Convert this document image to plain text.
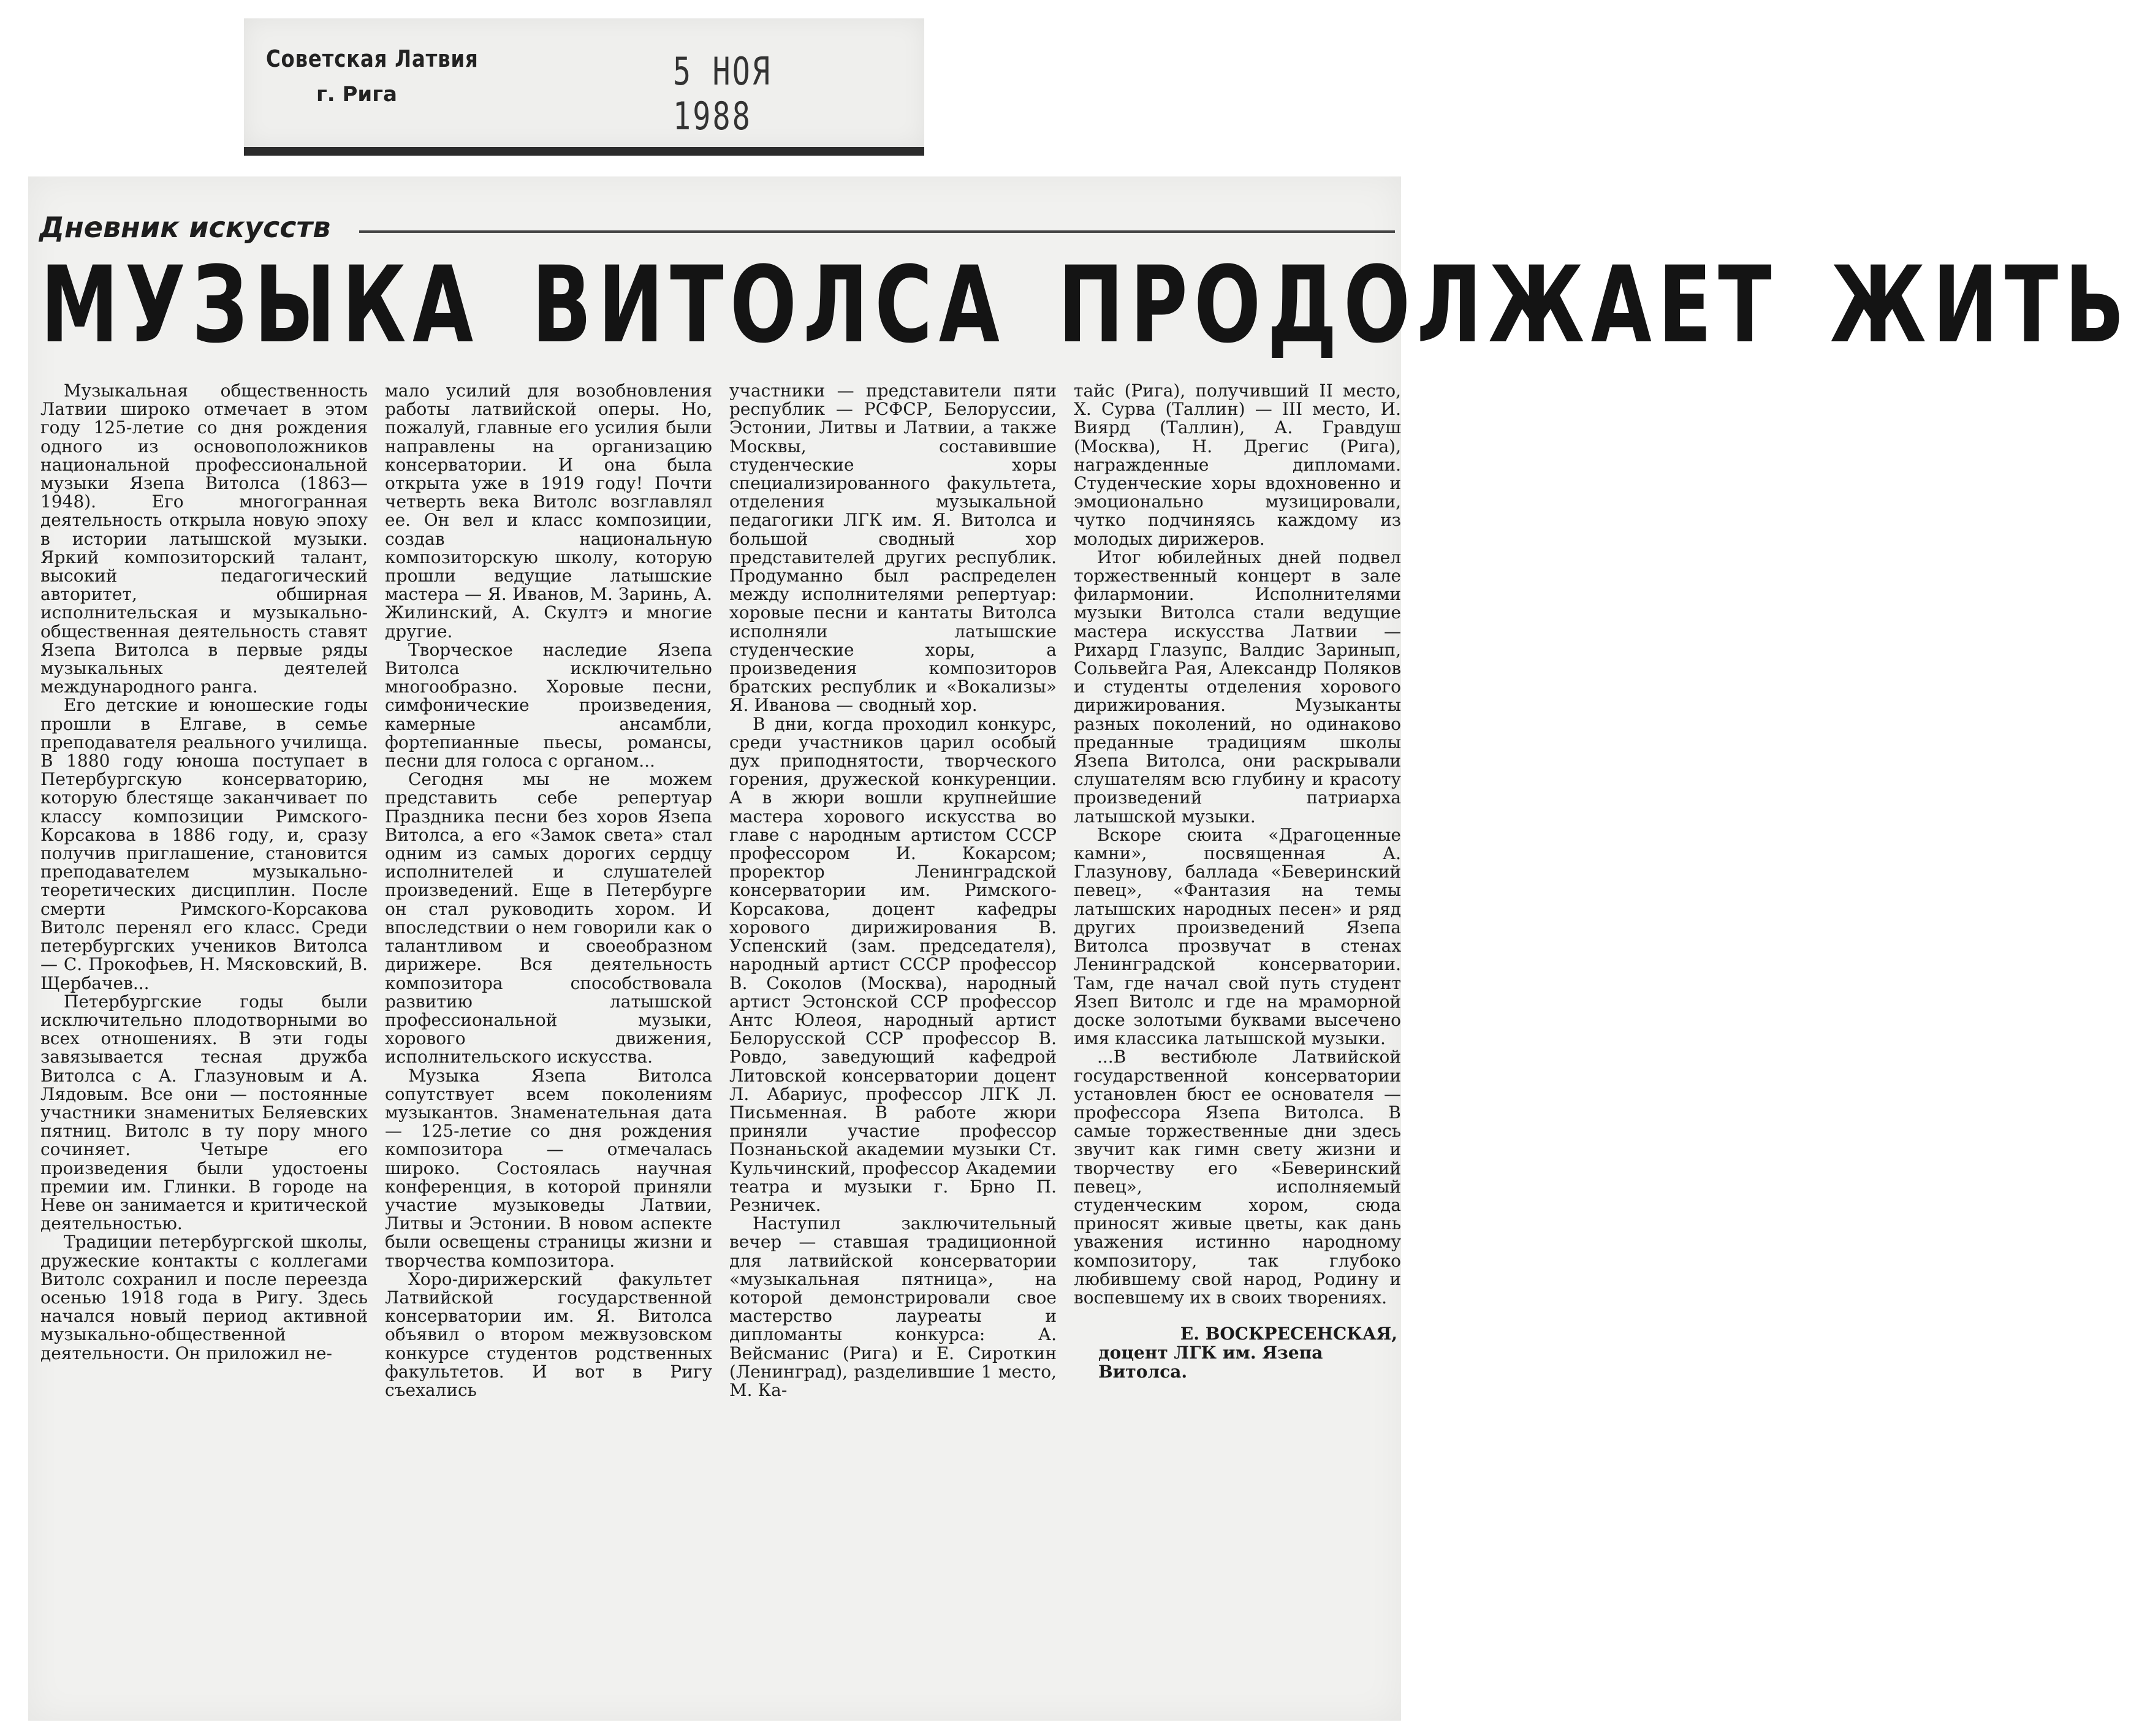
Советская Латвия
г. Рига
5 НОЯ 1988
Дневник искусств
МУЗЫКА ВИТОЛСА ПРОДОЛЖАЕТ ЖИТЬ

Музыкальная общественность Латвии широко отмечает в этом году 125-летие со дня рождения одного из основоположников национальной профессиональной музыки Язепа Витолса (1863—1948). Его многогранная деятельность открыла новую эпоху в истории латышской музыки. Яркий композиторский талант, высокий педагогический авторитет, обширная исполнительская и музыкально-общественная деятельность ставят Язепа Витолса в первые ряды музыкальных деятелей международного ранга.

Его детские и юношеские годы прошли в Елгаве, в семье преподавателя реального училища. В 1880 году юноша поступает в Петербургскую консерваторию, которую блестяще заканчивает по классу композиции Римского-Корсакова в 1886 году, и, сразу получив приглашение, становится преподавателем музыкально-теоретических дисциплин. После смерти Римского-Корсакова Витолс перенял его класс. Среди петербургских учеников Витолса — С. Прокофьев, Н. Мясковский, В. Щербачев...

Петербургские годы были исключительно плодотворными во всех отношениях. В эти годы завязывается тесная дружба Витолса с А. Глазуновым и А. Лядовым. Все они — постоянные участники знаменитых Беляевских пятниц. Витолс в ту пору много сочиняет. Четыре его произведения были удостоены премии им. Глинки. В городе на Неве он занимается и критической деятельностью.

Традиции петербургской школы, дружеские контакты с коллегами Витолс сохранил и после переезда осенью 1918 года в Ригу. Здесь начался новый период активной музыкально-общественной деятельности. Он приложил не-

мало усилий для возобновления работы латвийской оперы. Но, пожалуй, главные его усилия были направлены на организацию консерватории. И она была открыта уже в 1919 году! Почти четверть века Витолс возглавлял ее. Он вел и класс композиции, создав национальную композиторскую школу, которую прошли ведущие латышские мастера — Я. Иванов, М. Заринь, А. Жилинский, А. Скултэ и многие другие.

Творческое наследие Язепа Витолса исключительно многообразно. Хоровые песни, симфонические произведения, камерные ансамбли, фортепианные пьесы, романсы, песни для голоса с органом...

Сегодня мы не можем представить себе репертуар Праздника песни без хоров Язепа Витолса, а его «Замок света» стал одним из самых дорогих сердцу исполнителей и слушателей произведений. Еще в Петербурге он стал руководить хором. И впоследствии о нем говорили как о талантливом и своеобразном дирижере. Вся деятельность композитора способствовала развитию латышской профессиональной музыки, хорового движения, исполнительского искусства.

Музыка Язепа Витолса сопутствует всем поколениям музыкантов. Знаменательная дата — 125-летие со дня рождения композитора — отмечалась широко. Состоялась научная конференция, в которой приняли участие музыковеды Латвии, Литвы и Эстонии. В новом аспекте были освещены страницы жизни и творчества композитора.

Хоро-дирижерский факультет Латвийской государственной консерватории им. Я. Витолса объявил о втором межвузовском конкурсе студентов родственных факультетов. И вот в Ригу съехались

участники — представители пяти республик — РСФСР, Белоруссии, Эстонии, Литвы и Латвии, а также Москвы, составившие студенческие хоры специализированного факультета, отделения музыкальной педагогики ЛГК им. Я. Витолса и большой сводный хор представителей других республик. Продуманно был распределен между исполнителями репертуар: хоровые песни и кантаты Витолса исполняли латышские студенческие хоры, а произведения композиторов братских республик и «Вокализы» Я. Иванова — сводный хор.

В дни, когда проходил конкурс, среди участников царил особый дух приподнятости, творческого горения, дружеской конкуренции. А в жюри вошли крупнейшие мастера хорового искусства во главе с народным артистом СССР профессором И. Кокарсом; проректор Ленинградской консерватории им. Римского-Корсакова, доцент кафедры хорового дирижирования В. Успенский (зам. председателя), народный артист СССР профессор В. Соколов (Москва), народный артист Эстонской ССР профессор Антс Юлеоя, народный артист Белорусской ССР профессор В. Ровдо, заведующий кафедрой Литовской консерватории доцент Л. Абариус, профессор ЛГК Л. Письменная. В работе жюри приняли участие профессор Познаньской академии музыки Ст. Кульчинский, профессор Академии театра и музыки г. Брно П. Резничек.

Наступил заключительный вечер — ставшая традиционной для латвийской консерватории «музыкальная пятница», на которой демонстрировали свое мастерство лауреаты и дипломанты конкурса: А. Вейсманис (Рига) и Е. Сироткин (Ленинград), разделившие 1 место, М. Ка-

тайс (Рига), получивший II место, Х. Сурва (Таллин) — III место, И. Виярд (Таллин), А. Гравдуш (Москва), Н. Дрегис (Рига), награжденные дипломами. Студенческие хоры вдохновенно и эмоционально музицировали, чутко подчиняясь каждому из молодых дирижеров.

Итог юбилейных дней подвел торжественный концерт в зале филармонии. Исполнителями музыки Витолса стали ведущие мастера искусства Латвии — Рихард Глазупс, Валдис Заринып, Сольвейга Рая, Александр Поляков и студенты отделения хорового дирижирования. Музыканты разных поколений, но одинаково преданные традициям школы Язепа Витолса, они раскрывали слушателям всю глубину и красоту произведений патриарха латышской музыки.

Вскоре сюита «Драгоценные камни», посвященная А. Глазунову, баллада «Беверинский певец», «Фантазия на темы латышских народных песен» и ряд других произведений Язепа Витолса прозвучат в стенах Ленинградской консерватории. Там, где начал свой путь студент Язеп Витолс и где на мраморной доске золотыми буквами высечено имя классика латышской музыки.

...В вестибюле Латвийской государственной консерватории установлен бюст ее основателя — профессора Язепа Витолса. В самые торжественные дни здесь звучит как гимн свету жизни и творчеству его «Беверинский певец», исполняемый студенческим хором, сюда приносят живые цветы, как дань уважения истинно народному композитору, так глубоко любившему свой народ, Родину и воспевшему их в своих творениях.

Е. ВОСКРЕСЕНСКАЯ,
доцент ЛГК им. Язепа Витолса.
